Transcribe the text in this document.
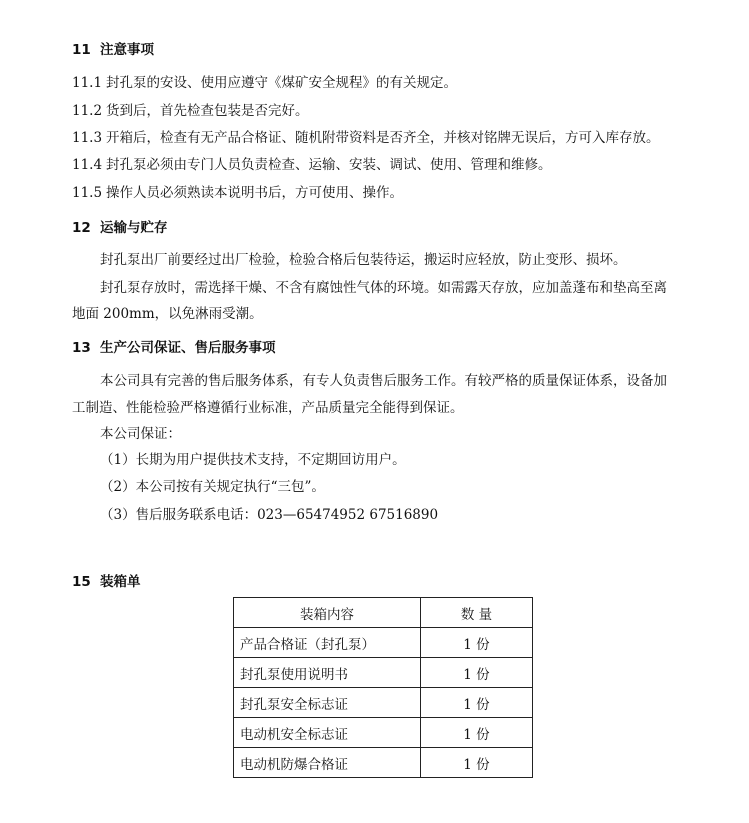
11 注意事项
11.1 封孔泵的安设、使用应遵守《煤矿安全规程》的有关规定。
11.2 货到后，首先检查包装是否完好。
11.3 开箱后，检查有无产品合格证、随机附带资料是否齐全，并核对铭牌无误后，方可入库存放。
11.4 封孔泵必须由专门人员负责检查、运输、安装、调试、使用、管理和维修。
11.5 操作人员必须熟读本说明书后，方可使用、操作。
12 运输与贮存
封孔泵出厂前要经过出厂检验，检验合格后包装待运，搬运时应轻放，防止变形、损坏。
封孔泵存放时，需选择干燥、不含有腐蚀性气体的环境。如需露天存放，应加盖蓬布和垫高至离
地面 200mm，以免淋雨受潮。
13 生产公司保证、售后服务事项
本公司具有完善的售后服务体系，有专人负责售后服务工作。有较严格的质量保证体系，设备加
工制造、性能检验严格遵循行业标准，产品质量完全能得到保证。
本公司保证：
（1）长期为用户提供技术支持，不定期回访用户。
（2）本公司按有关规定执行“三包”。
（3）售后服务联系电话：023—65474952 67516890
15 装箱单
装箱内容	数 量
产品合格证（封孔泵）	1 份
封孔泵使用说明书	1 份
封孔泵安全标志证	1 份
电动机安全标志证	1 份
电动机防爆合格证	1 份
